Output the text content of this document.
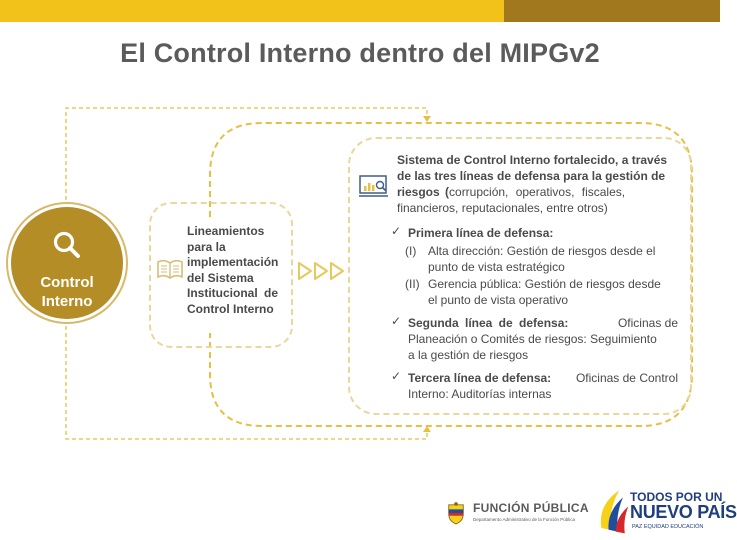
El Control Interno dentro del MIPGv2
Control
Interno
Lineamientos
para la
implementación
del Sistema
Institucional de
Control Interno
Sistema de Control Interno fortalecido, a través
de las tres líneas de defensa para la gestión de
riesgos (corrupción, operativos, fiscales,
financieros, reputacionales, entre otros)
✓ Primera línea de defensa:
(I) Alta dirección: Gestión de riesgos desde el
punto de vista estratégico
(II) Gerencia pública: Gestión de riesgos desde
el punto de vista operativo
✓ Segunda línea de defensa:	Oficinas de
Planeación o Comités de riesgos: Seguimiento
a la gestión de riesgos
✓ Tercera línea de defensa: Oficinas de Control
Interno: Auditorías internas
FUNCIÓN PÚBLICA
Departamento Administrativo de la Función Pública
TODOS POR UN
NUEVO PAÍS
PAZ EQUIDAD EDUCACIÓN
